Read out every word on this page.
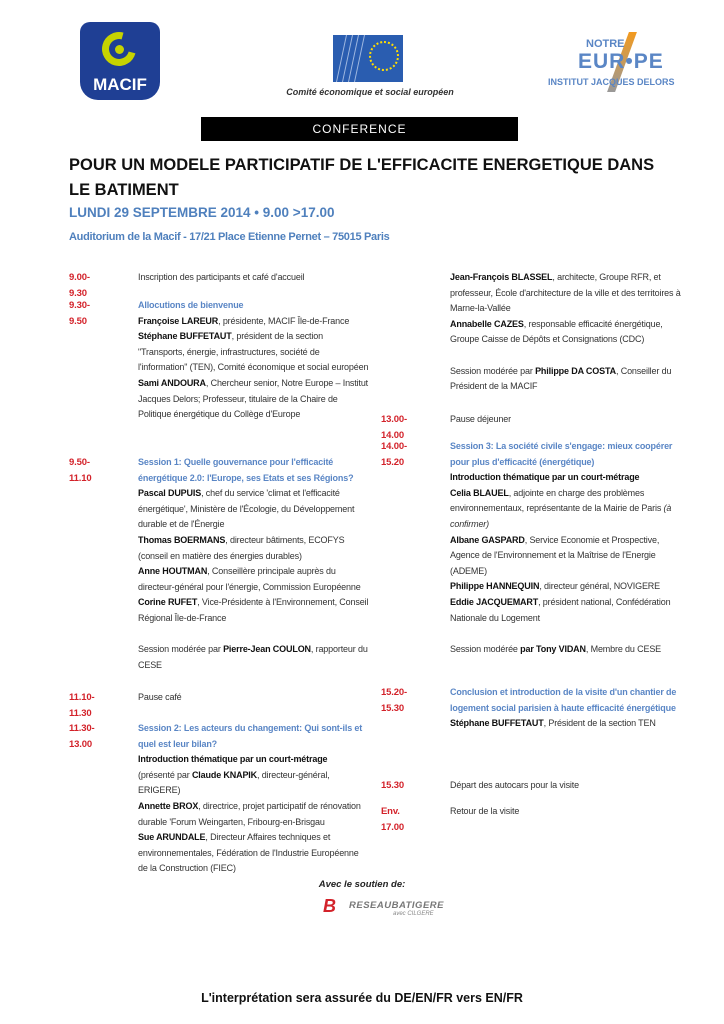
MACIF	Comité économique et social européen
NOTRE
EUR•PE
INSTITUT JACQUES DELORS
CONFERENCE
POUR UN MODELE PARTICIPATIF DE L'EFFICACITE ENERGETIQUE DANS LE BATIMENT
LUNDI 29 SEPTEMBRE 2014 • 9.00 >17.00
Auditorium de la Macif - 17/21 Place Etienne Pernet – 75015 Paris
9.00-9.30
Inscription des participants et café d'accueil
9.30-9.50
Allocutions de bienvenue
Françoise LAREUR, présidente, MACIF Île-de-France
Stéphane BUFFETAUT, président de la section "Transports, énergie, infrastructures, société de l'information" (TEN), Comité économique et social européen
Sami ANDOURA, Chercheur senior, Notre Europe – Institut Jacques Delors; Professeur, titulaire de la Chaire de Politique énergétique du Collège d'Europe
9.50-11.10
Session 1: Quelle gouvernance pour l'efficacité énergétique 2.0: l'Europe, ses Etats et ses Régions?
Pascal DUPUIS, chef du service 'climat et l'efficacité énergétique', Ministère de l'Écologie, du Développement durable et de l'Énergie
Thomas BOERMANS, directeur bâtiments, ECOFYS (conseil en matière des énergies durables)
Anne HOUTMAN, Conseillère principale auprès du directeur-général pour l'énergie, Commission Européenne
Corine RUFET, Vice-Présidente à l'Environnement, Conseil Régional Île-de-France

Session modérée par Pierre-Jean COULON, rapporteur du CESE
11.10-11.30
Pause café
11.30-13.00
Session 2: Les acteurs du changement: Qui sont-ils et quel est leur bilan?
Introduction thématique par un court-métrage
(présenté par Claude KNAPIK, directeur-général, ERIGERE)
Annette BROX, directrice, projet participatif de rénovation durable 'Forum Weingarten, Fribourg-en-Brisgau
Sue ARUNDALE, Directeur Affaires techniques et environnementales, Fédération de l'Industrie Européenne de la Construction (FIEC)
Jean-François BLASSEL, architecte, Groupe RFR, et professeur, École d'architecture de la ville et des territoires à Marne-la-Vallée
Annabelle CAZES, responsable efficacité énergétique, Groupe Caisse de Dépôts et Consignations (CDC)

Session modérée par Philippe DA COSTA, Conseiller du Président de la MACIF
13.00-14.00
Pause déjeuner
14.00-15.20
Session 3: La société civile s'engage: mieux coopérer pour plus d'efficacité (énergétique)
Introduction thématique par un court-métrage
Celia BLAUEL, adjointe en charge des problèmes environnementaux, représentante de la Mairie de Paris (à confirmer)
Albane GASPARD, Service Economie et Prospective, Agence de l'Environnement et la Maîtrise de l'Energie (ADEME)
Philippe HANNEQUIN, directeur général, NOVIGERE
Eddie JACQUEMART, président national, Confédération Nationale du Logement

Session modérée par Tony VIDAN, Membre du CESE
15.20-15.30
Conclusion et introduction de la visite d'un chantier de logement social parisien à haute efficacité énergétique
Stéphane BUFFETAUT, Président de la section TEN
15.30	Départ des autocars pour la visite
Env. 17.00
Retour de la visite
Avec le soutien de:
B RESEAUBATIGERE
avec CILGERE
L'interprétation sera assurée du DE/EN/FR vers EN/FR
